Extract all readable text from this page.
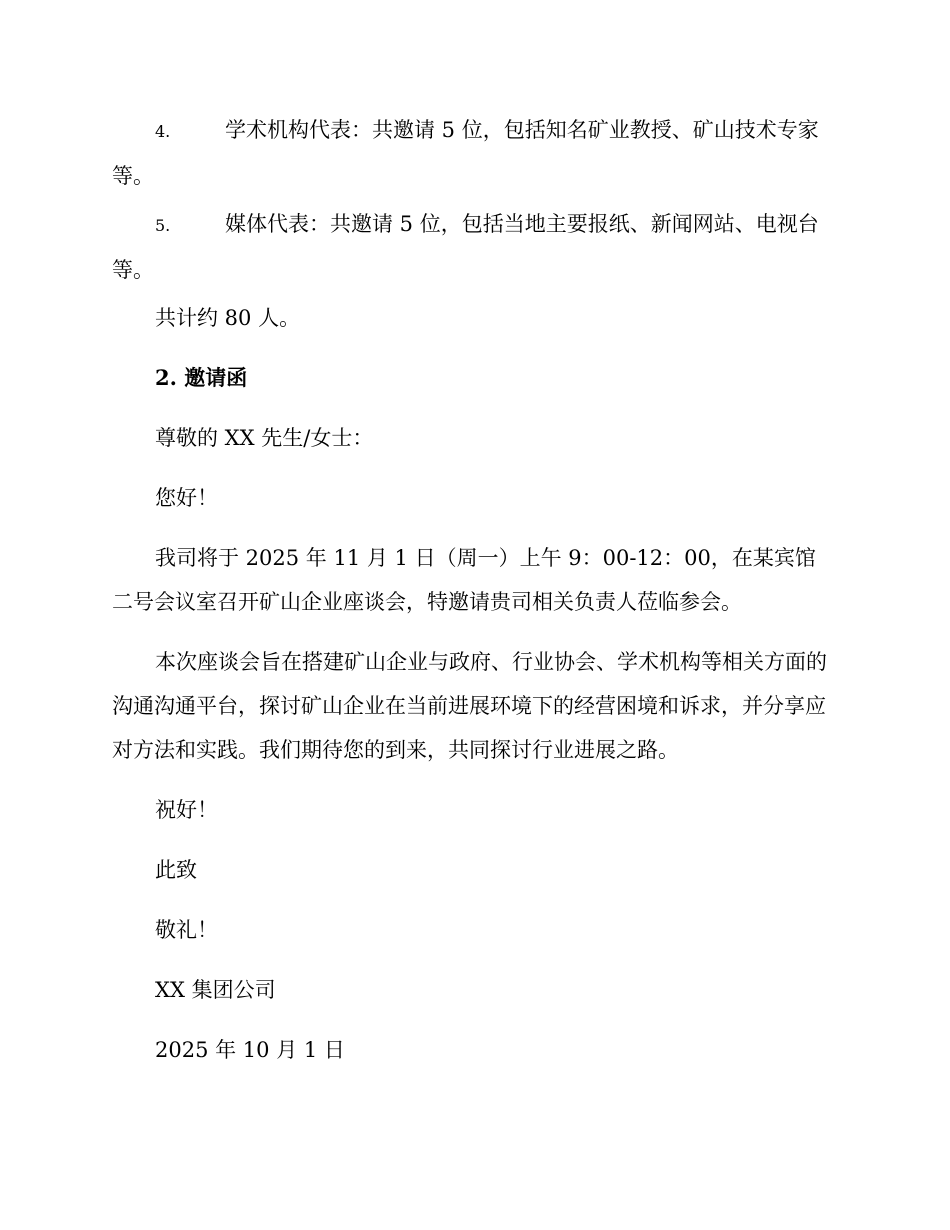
4.	学术机构代表：共邀请 5 位，包括知名矿业教授、矿山技术专家等。

5.	媒体代表：共邀请 5 位，包括当地主要报纸、新闻网站、电视台等。

共计约 80 人。

2. 邀请函

尊敬的 XX 先生/女士：

您好！

我司将于 2025 年 11 月 1 日（周一）上午 9：00-12：00，在某宾馆二号会议室召开矿山企业座谈会，特邀请贵司相关负责人莅临参会。

本次座谈会旨在搭建矿山企业与政府、行业协会、学术机构等相关方面的沟通沟通平台，探讨矿山企业在当前进展环境下的经营困境和诉求，并分享应对方法和实践。我们期待您的到来，共同探讨行业进展之路。

祝好！

此致

敬礼！

XX 集团公司

2025 年 10 月 1 日
